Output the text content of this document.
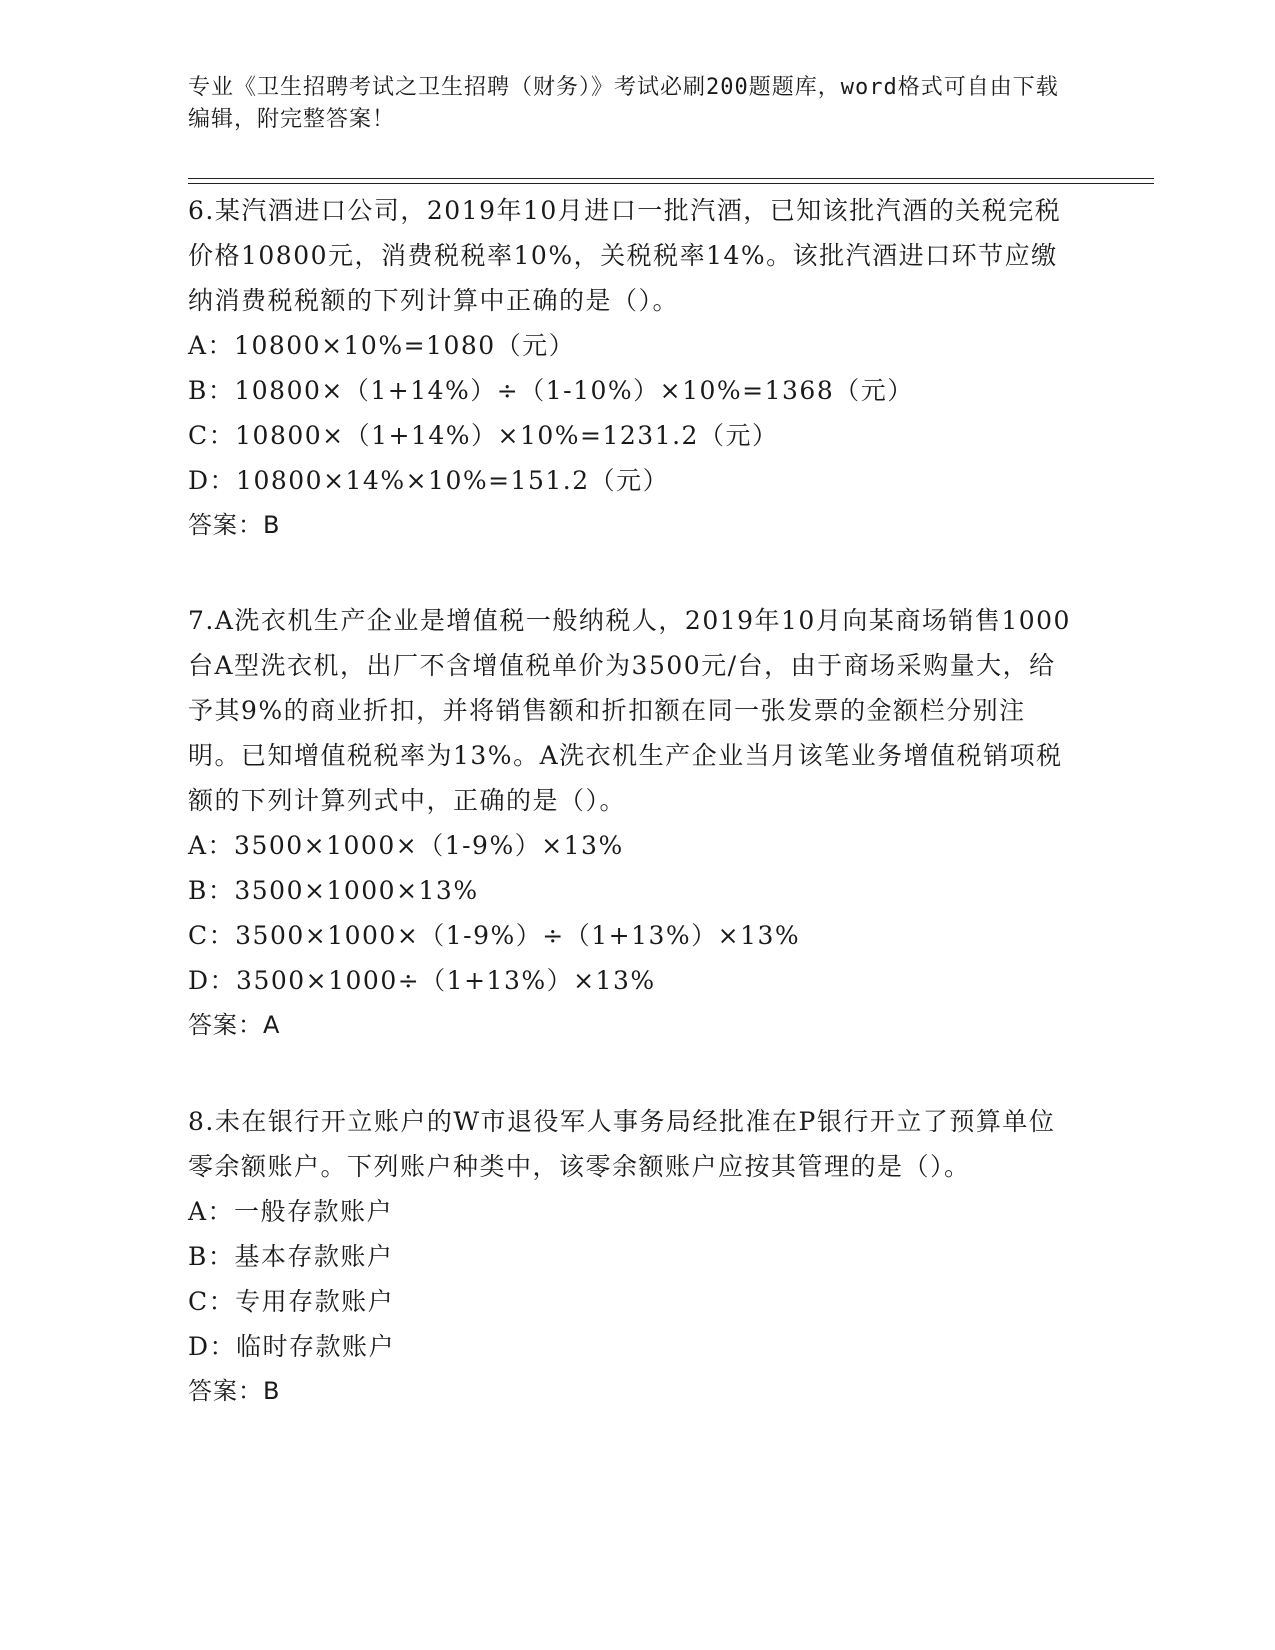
专业《卫生招聘考试之卫生招聘（财务）》考试必刷200题题库，word格式可自由下载编辑，附完整答案！

6.某汽酒进口公司，2019年10月进口一批汽酒，已知该批汽酒的关税完税价格10800元，消费税税率10%，关税税率14%。该批汽酒进口环节应缴纳消费税税额的下列计算中正确的是（）。

A：10800×10%=1080（元）

B：10800×（1+14%）÷（1-10%）×10%=1368（元）

C：10800×（1+14%）×10%=1231.2（元）

D：10800×14%×10%=151.2（元）

答案：B

7.A洗衣机生产企业是增值税一般纳税人，2019年10月向某商场销售1000台A型洗衣机，出厂不含增值税单价为3500元/台，由于商场采购量大，给予其9%的商业折扣，并将销售额和折扣额在同一张发票的金额栏分别注明。已知增值税税率为13%。A洗衣机生产企业当月该笔业务增值税销项税额的下列计算列式中，正确的是（）。

A：3500×1000×（1-9%）×13%

B：3500×1000×13%

C：3500×1000×（1-9%）÷（1+13%）×13%

D：3500×1000÷（1+13%）×13%

答案：A

8.未在银行开立账户的W市退役军人事务局经批准在P银行开立了预算单位零余额账户。下列账户种类中，该零余额账户应按其管理的是（）。

A：一般存款账户

B：基本存款账户

C：专用存款账户

D：临时存款账户

答案：B
